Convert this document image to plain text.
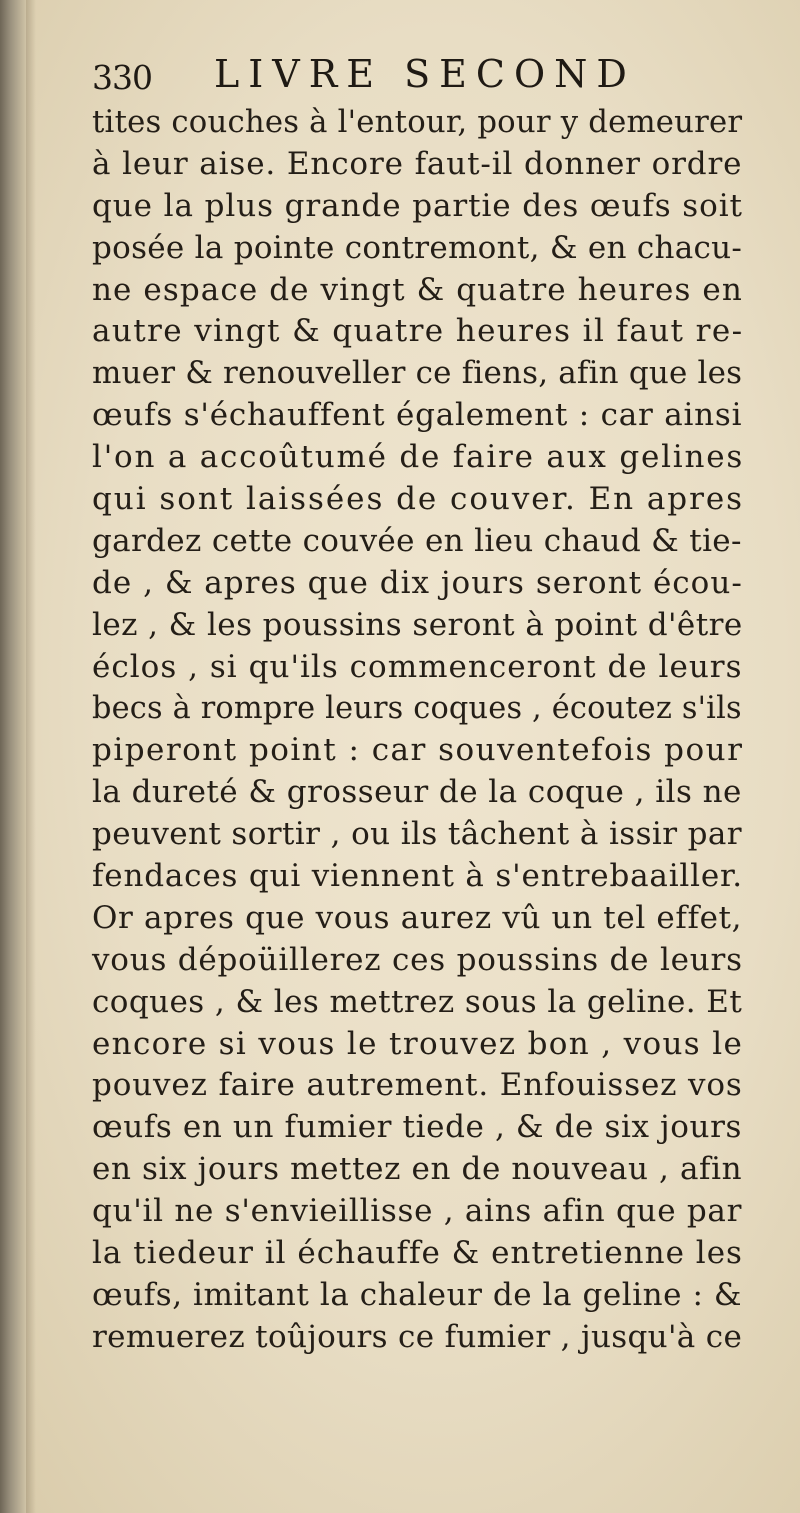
330 LIVRE SECOND
tites couches à l'entour, pour y demeurer
à leur aise. Encore faut-il donner ordre
que la plus grande partie des œufs soit
posée la pointe contremont, & en chacu-
ne espace de vingt & quatre heures en
autre vingt & quatre heures il faut re-
muer & renouveller ce fiens, afin que les
œufs s'échauffent également : car ainsi
l'on a accoûtumé de faire aux gelines
qui sont laissées de couver. En apres
gardez cette couvée en lieu chaud & tie-
de , & apres que dix jours seront écou-
lez , & les poussins seront à point d'être
éclos , si qu'ils commenceront de leurs
becs à rompre leurs coques , écoutez s'ils
piperont point : car souventefois pour
la dureté & grosseur de la coque , ils ne
peuvent sortir , ou ils tâchent à issir par
fendaces qui viennent à s'entrebaailler.
Or apres que vous aurez vû un tel effet,
vous dépoüillerez ces poussins de leurs
coques , & les mettrez sous la geline. Et
encore si vous le trouvez bon , vous le
pouvez faire autrement. Enfouissez vos
œufs en un fumier tiede , & de six jours
en six jours mettez en de nouveau , afin
qu'il ne s'envieillisse , ains afin que par
la tiedeur il échauffe & entretienne les
œufs, imitant la chaleur de la geline : &
remuerez toûjours ce fumier , jusqu'à ce
